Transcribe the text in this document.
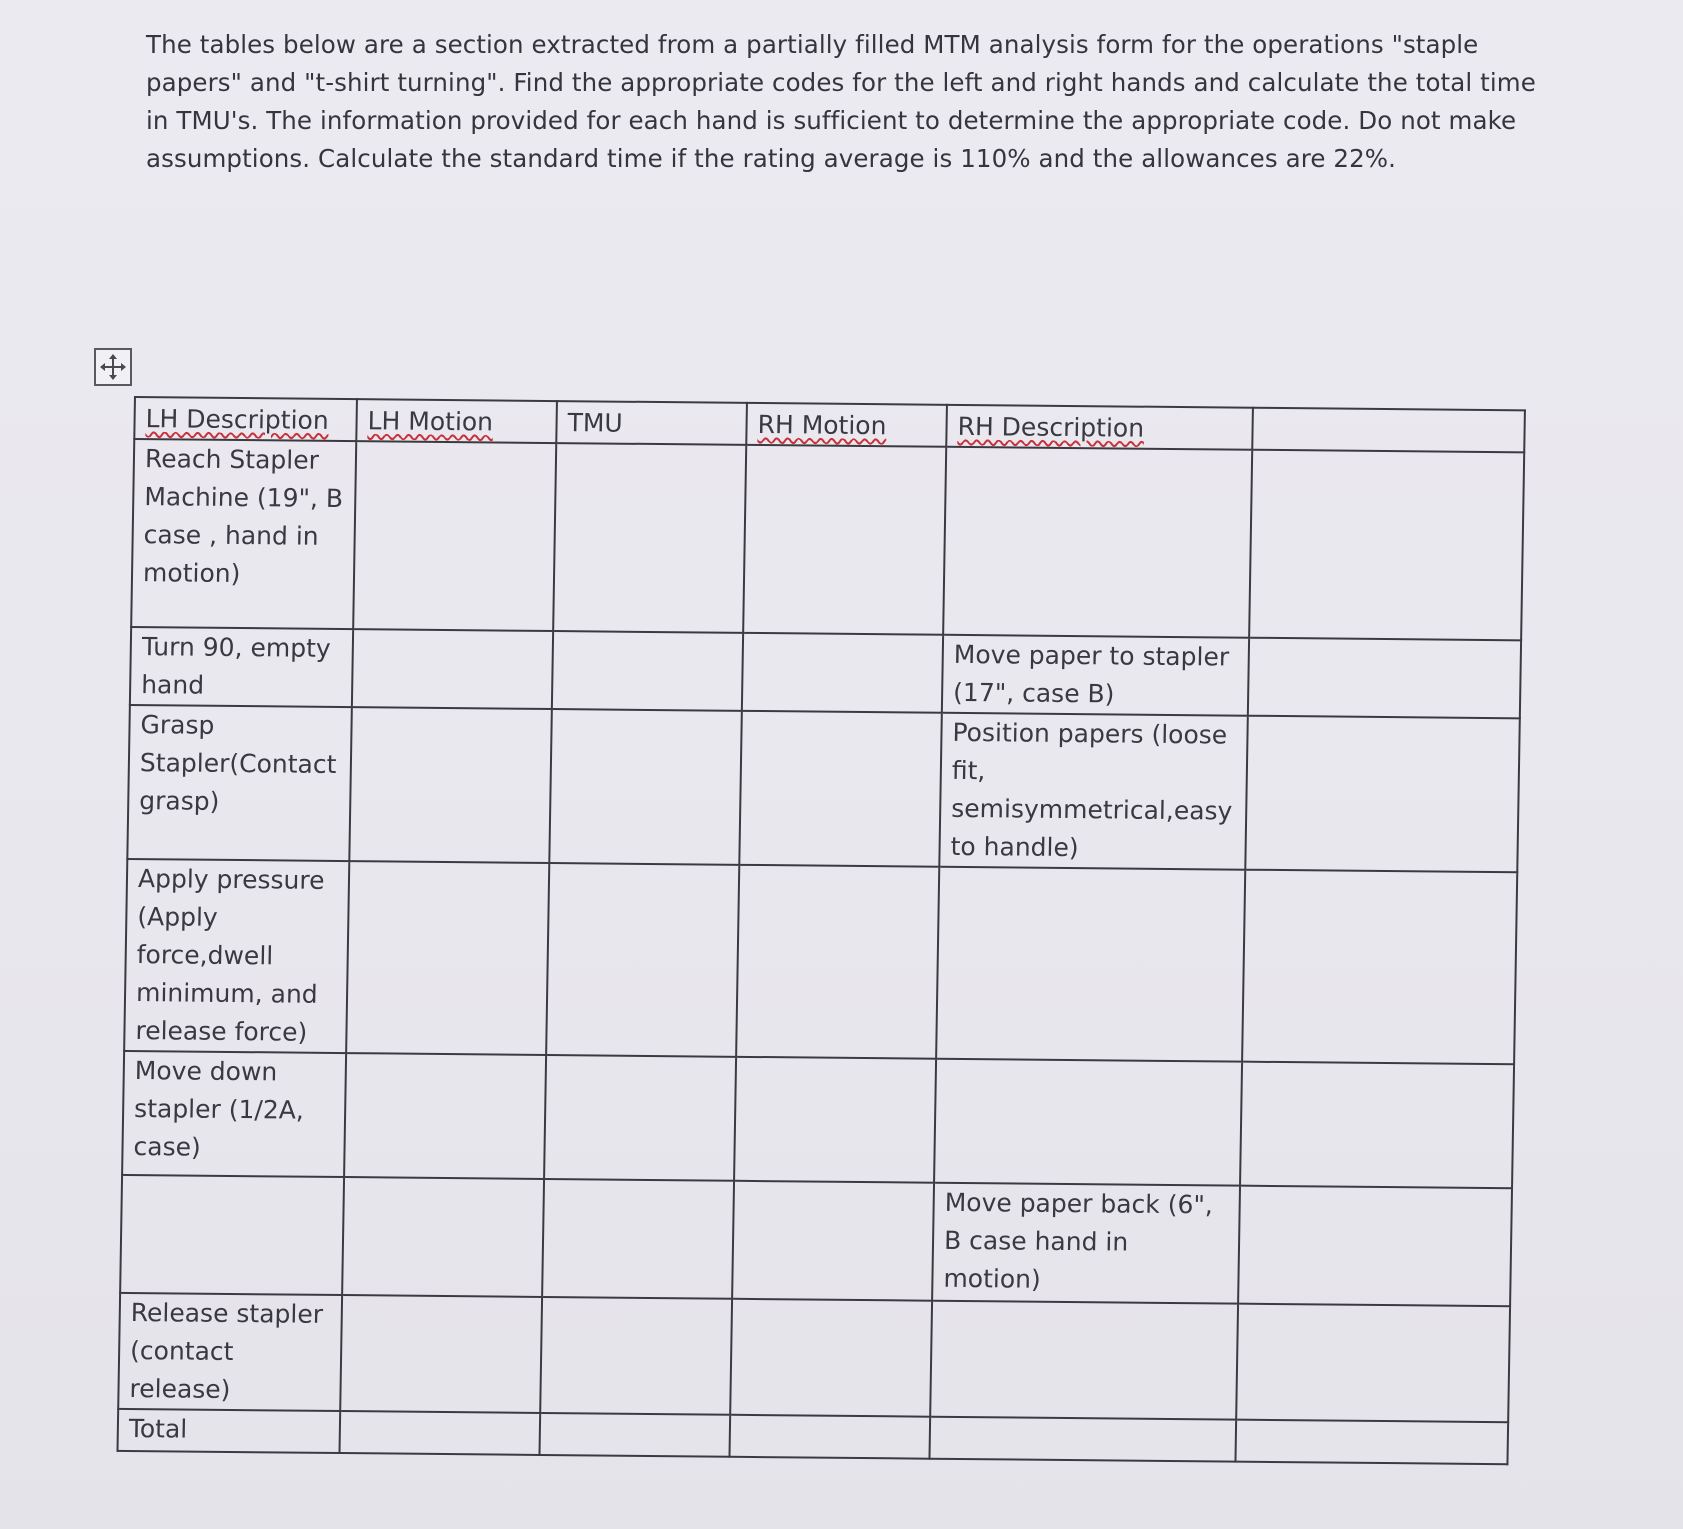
The tables below are a section extracted from a partially filled MTM analysis form for the operations "staple papers" and "t-shirt turning". Find the appropriate codes for the left and right hands and calculate the total time in TMU's. The information provided for each hand is sufficient to determine the appropriate code. Do not make assumptions. Calculate the standard time if the rating average is 110% and the allowances are 22%.

LH Description	LH Motion	TMU	RH Motion	RH Description	
Reach Stapler Machine (19", B case , hand in motion)					
Turn 90, empty hand				Move paper to stapler (17", case B)	
Grasp Stapler(Contact grasp)				Position papers (loose fit, semisymmetrical,easy to handle)	
Apply pressure (Apply force,dwell minimum, and release force)					
Move down stapler (1/2A, case)					
				Move paper back (6", B case hand in motion)	
Release stapler (contact release)					
Total					
